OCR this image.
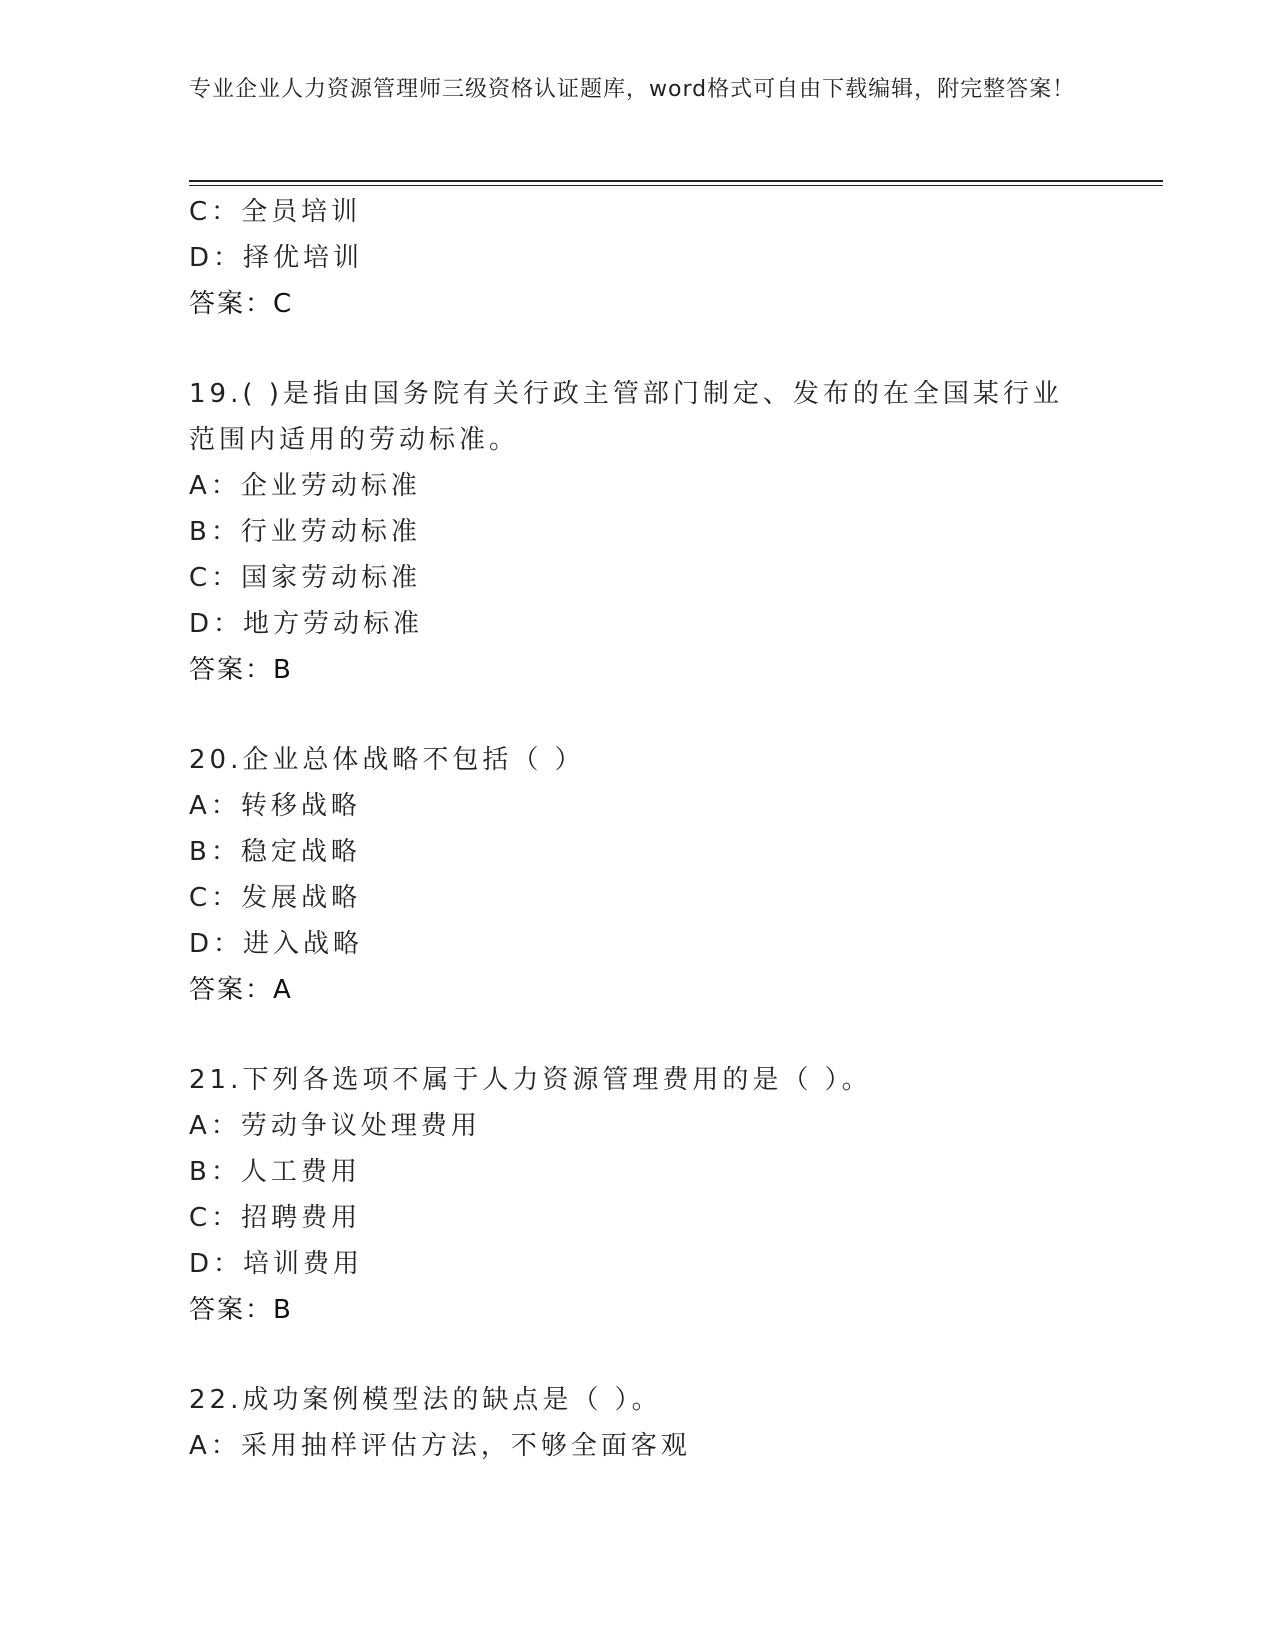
专业企业人力资源管理师三级资格认证题库，word格式可自由下载编辑，附完整答案！
C：全员培训
D：择优培训
答案：C
19.( )是指由国务院有关行政主管部门制定、发布的在全国某行业
范围内适用的劳动标准。
A：企业劳动标准
B：行业劳动标准
C：国家劳动标准
D：地方劳动标准
答案：B
20.企业总体战略不包括（ ）
A：转移战略
B：稳定战略
C：发展战略
D：进入战略
答案：A
21.下列各选项不属于人力资源管理费用的是（ ）。
A：劳动争议处理费用
B：人工费用
C：招聘费用
D：培训费用
答案：B
22.成功案例模型法的缺点是（ ）。
A：采用抽样评估方法，不够全面客观
